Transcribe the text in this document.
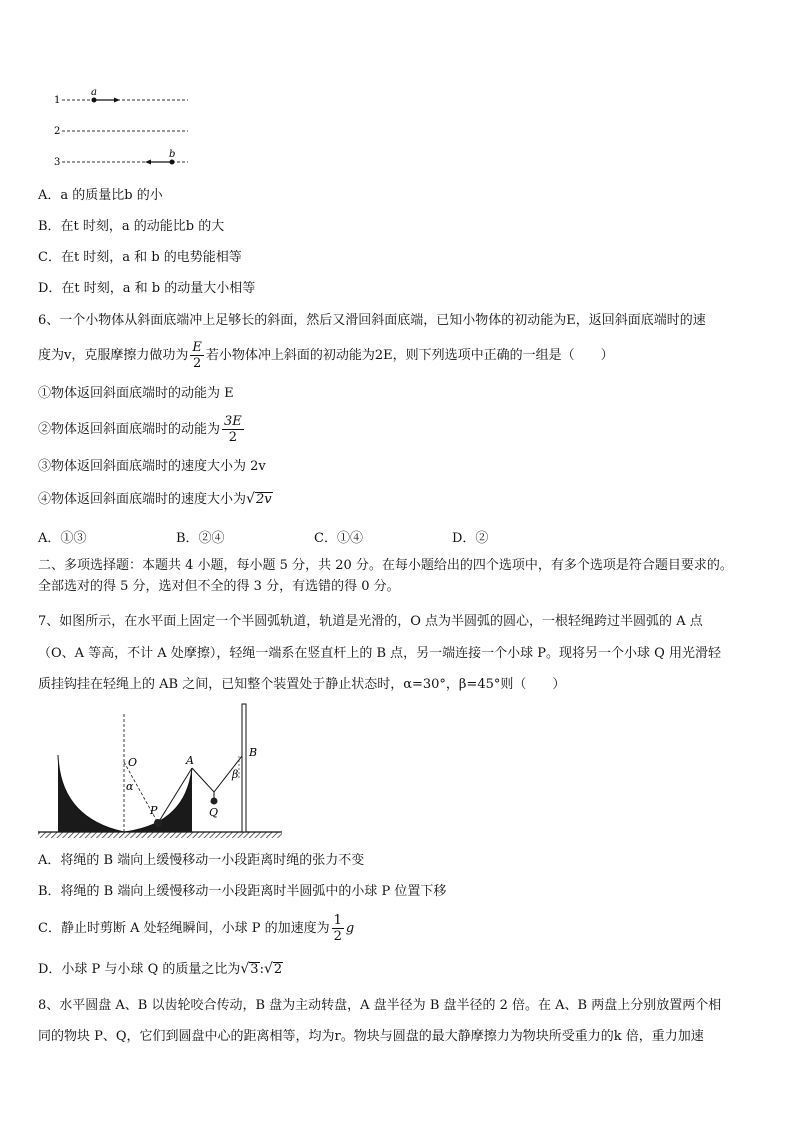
1
2
3
a
b
A．a 的质量比b 的小
B．在t 时刻，a 的动能比b 的大
C．在t 时刻，a 和 b 的电势能相等
D．在t 时刻，a 和 b 的动量大小相等
6、一个小物体从斜面底端冲上足够长的斜面，然后又滑回斜面底端，已知小物体的初动能为E，返回斜面底端时的速
度为v，克服摩擦力做功为 $\frac{E}{2}$ 若小物体冲上斜面的初动能为2E，则下列选项中正确的一组是（　　）
①物体返回斜面底端时的动能为 E
②物体返回斜面底端时的动能为 $\frac{3E}{2}$
③物体返回斜面底端时的速度大小为 2v
④物体返回斜面底端时的速度大小为√2v
A．①③	B．②④	C．①④	D．②
二、多项选择题：本题共 4 小题，每小题 5 分，共 20 分。在每小题给出的四个选项中，有多个选项是符合题目要求的。
全部选对的得 5 分，选对但不全的得 3 分，有选错的得 0 分。
7、如图所示，在水平面上固定一个半圆弧轨道，轨道是光滑的，O 点为半圆弧的圆心，一根轻绳跨过半圆弧的 A 点
（O、A 等高，不计 A 处摩擦），轻绳一端系在竖直杆上的 B 点，另一端连接一个小球 P。现将另一个小球 Q 用光滑轻
质挂钩挂在轻绳上的 AB 之间，已知整个装置处于静止状态时，α=30°，β=45°则（　　）
O	A
B
P	Q
α
β
A．将绳的 B 端向上缓慢移动一小段距离时绳的张力不变
B．将绳的 B 端向上缓慢移动一小段距离时半圆弧中的小球 P 位置下移
C．静止时剪断 A 处轻绳瞬间，小球 P 的加速度为 $\frac{1}{2}$ g
D．小球 P 与小球 Q 的质量之比为√3:√2
8、水平圆盘 A、B 以齿轮咬合传动，B 盘为主动转盘，A 盘半径为 B 盘半径的 2 倍。在 A、B 两盘上分别放置两个相
同的物块 P、Q，它们到圆盘中心的距离相等，均为r。物块与圆盘的最大静摩擦力为物块所受重力的k 倍，重力加速
